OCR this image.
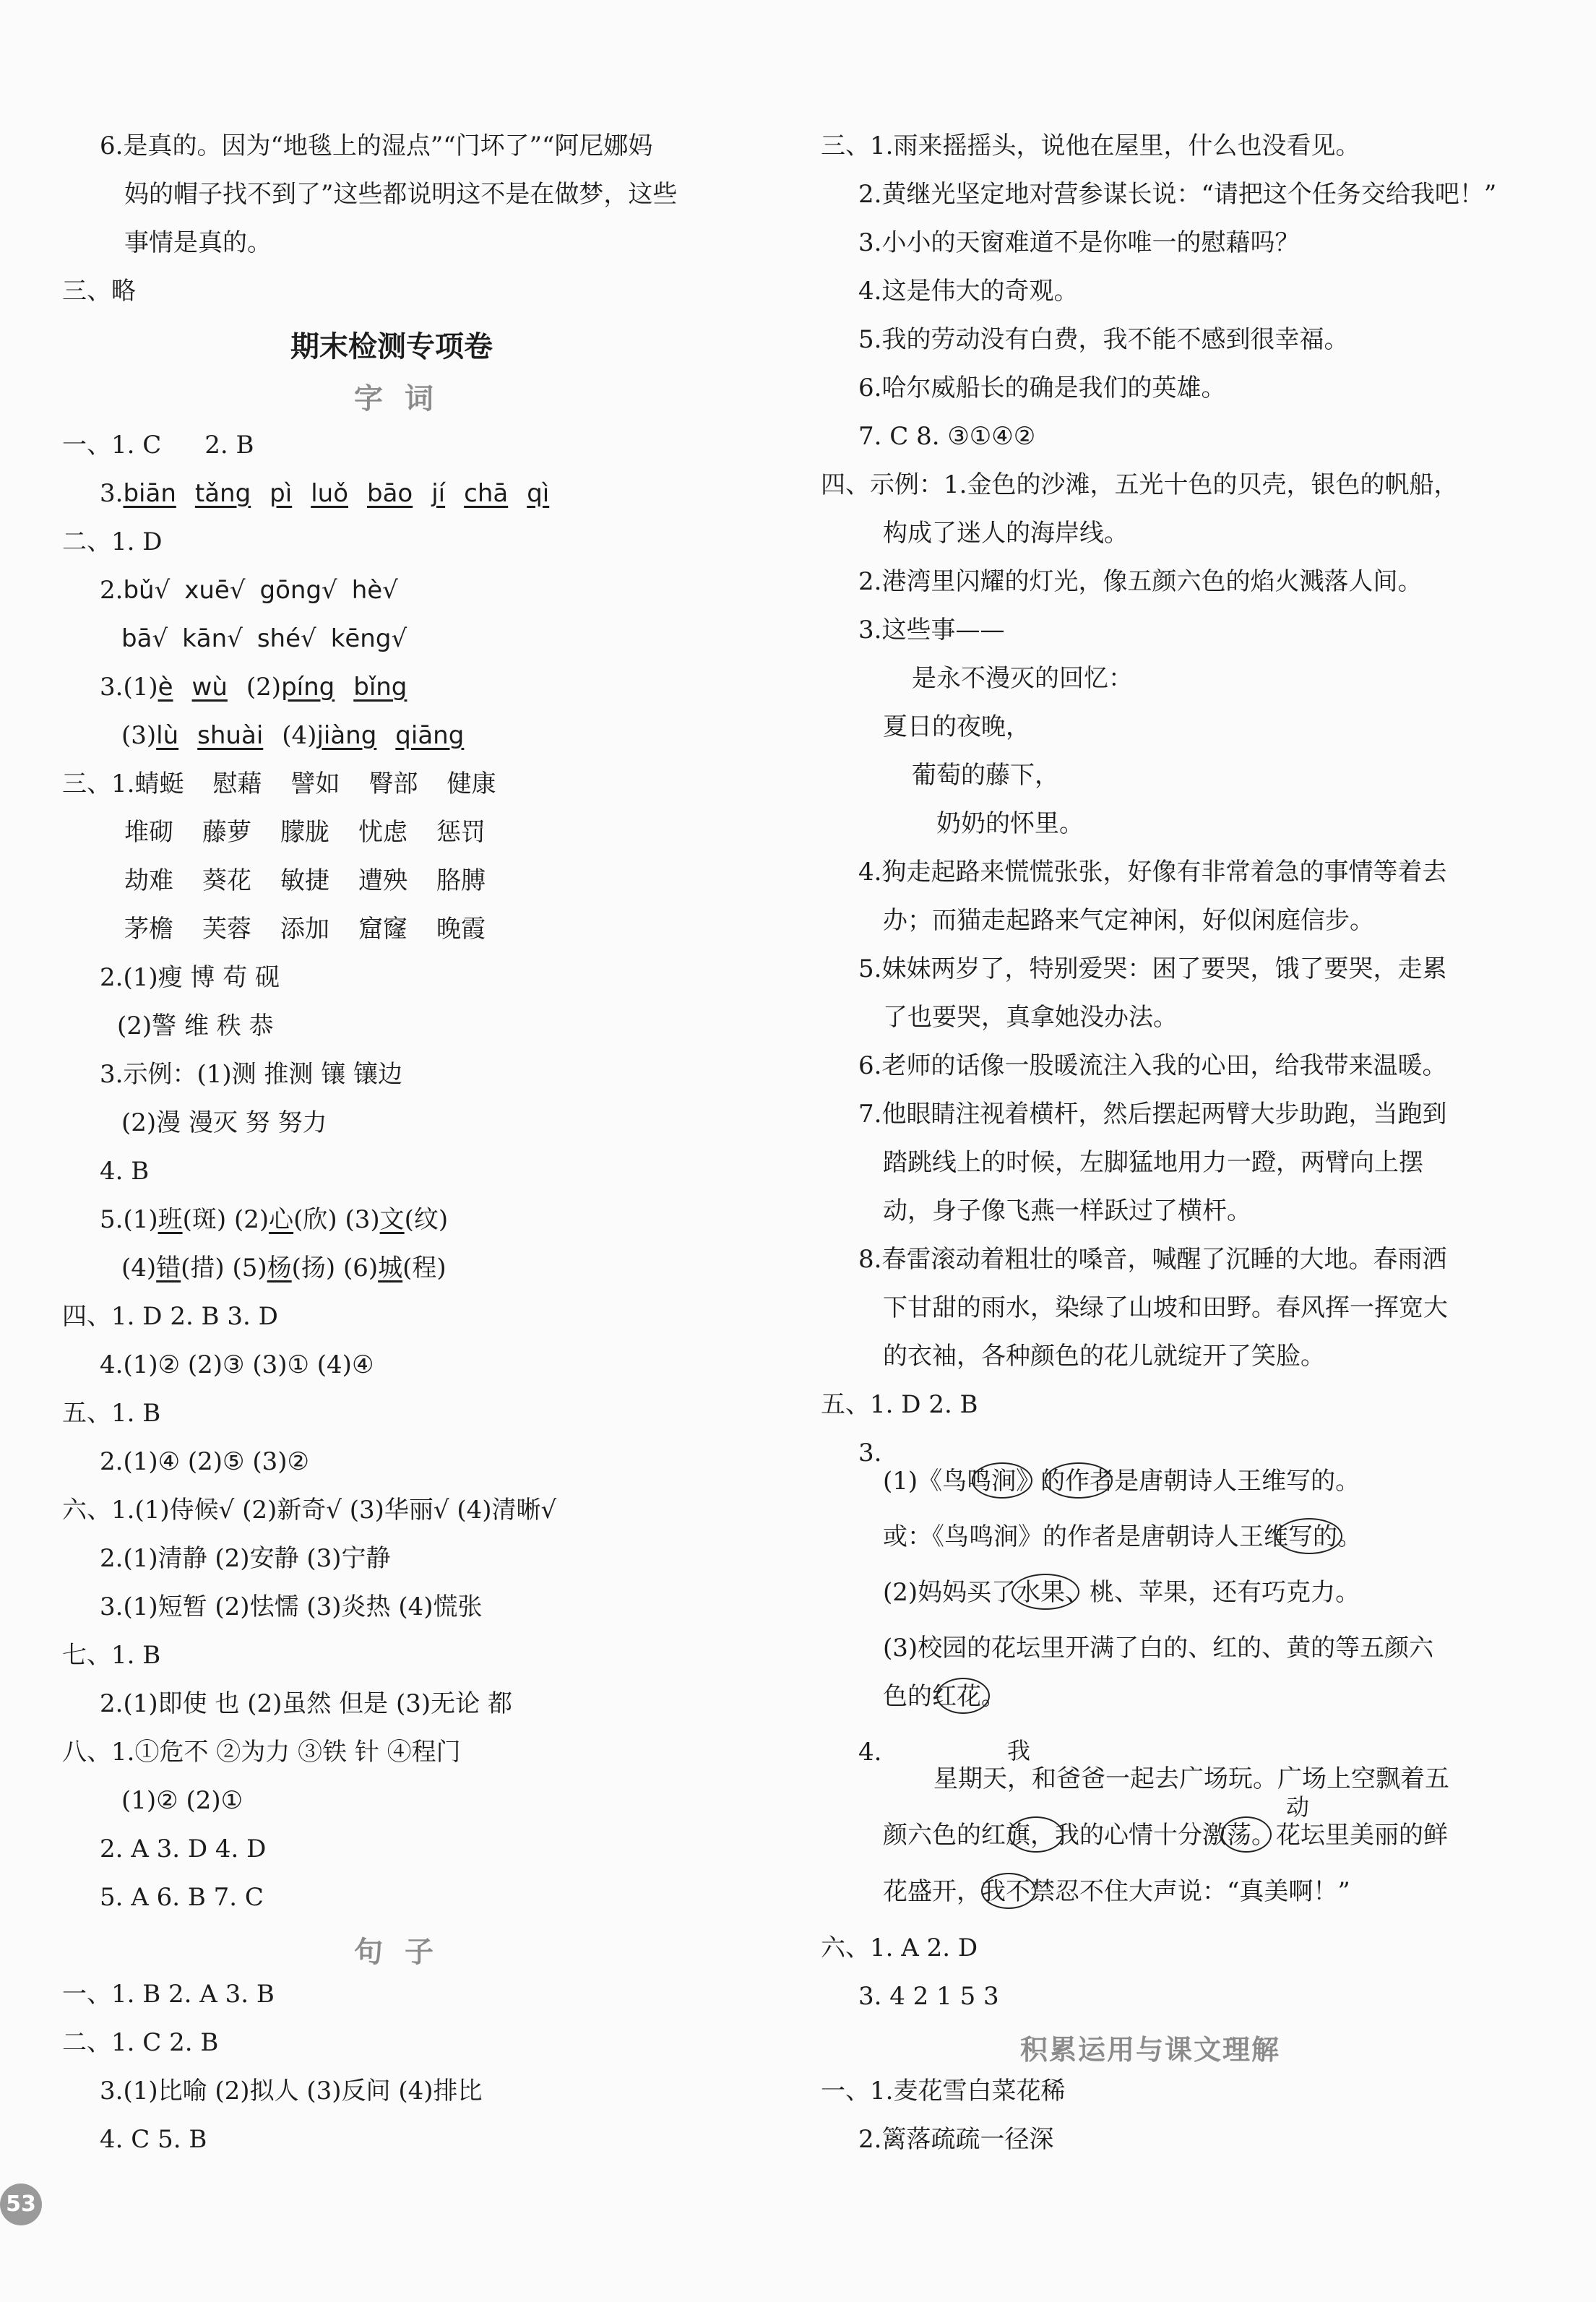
6.是真的。因为“地毯上的湿点”“门坏了”“阿尼娜妈
妈的帽子找不到了”这些都说明这不是在做梦，这些
事情是真的。
三、略
期末检测专项卷
字词
一、1. C 2. B
3.biān tǎng pì luǒ bāo jí chā qì
二、1. D
2.bǔ√ xuē√ gōng√ hè√
bā√ kān√ shé√ kēng√
3.(1)è wù (2)píng bǐng
(3)lù shuài (4)jiàng qiāng
三、1.蜻蜓 慰藉 譬如 臀部 健康
堆砌 藤萝 朦胧 忧虑 惩罚
劫难 葵花 敏捷 遭殃 胳膊
茅檐 芙蓉 添加 窟窿 晚霞
2.(1)瘦 博 苟 砚
(2)警 维 秩 恭
3.示例：(1)测 推测 镶 镶边
(2)漫 漫灭 努 努力
4. B
5.(1)班(斑) (2)心(欣) (3)文(纹)
(4)错(措) (5)杨(扬) (6)城(程)
四、1. D 2. B 3. D
4.(1)② (2)③ (3)① (4)④
五、1. B
2.(1)④ (2)⑤ (3)②
六、1.(1)侍候√ (2)新奇√ (3)华丽√ (4)清晰√
2.(1)清静 (2)安静 (3)宁静
3.(1)短暂 (2)怯懦 (3)炎热 (4)慌张
七、1. B
2.(1)即使 也 (2)虽然 但是 (3)无论 都
八、1.①危不 ②为力 ③铁 针 ④程门
(1)② (2)①
2. A 3. D 4. D
5. A 6. B 7. C
句子
一、1. B 2. A 3. B
二、1. C 2. B
3.(1)比喻 (2)拟人 (3)反问 (4)排比
4. C 5. B
53
三、1.雨来摇摇头，说他在屋里，什么也没看见。
2.黄继光坚定地对营参谋长说：“请把这个任务交给我吧！”
3.小小的天窗难道不是你唯一的慰藉吗？
4.这是伟大的奇观。
5.我的劳动没有白费，我不能不感到很幸福。
6.哈尔威船长的确是我们的英雄。
7. C 8. ③①④②
四、示例：1.金色的沙滩，五光十色的贝壳，银色的帆船，
构成了迷人的海岸线。
2.港湾里闪耀的灯光，像五颜六色的焰火溅落人间。
3.这些事——
是永不漫灭的回忆：
夏日的夜晚，
葡萄的藤下，
奶奶的怀里。
4.狗走起路来慌慌张张，好像有非常着急的事情等着去
办；而猫走起路来气定神闲，好似闲庭信步。
5.妹妹两岁了，特别爱哭：困了要哭，饿了要哭，走累
了也要哭，真拿她没办法。
6.老师的话像一股暖流注入我的心田，给我带来温暖。
7.他眼睛注视着横杆，然后摆起两臂大步助跑，当跑到
踏跳线上的时候，左脚猛地用力一蹬，两臂向上摆
动，身子像飞燕一样跃过了横杆。
8.春雷滚动着粗壮的嗓音，喊醒了沉睡的大地。春雨洒
下甘甜的雨水，染绿了山坡和田野。春风挥一挥宽大
的衣袖，各种颜色的花儿就绽开了笑脸。
五、1. D 2. B
3.
(1)《鸟鸣涧》的作者是唐朝诗人王维写的。
或：《鸟鸣涧》的作者是唐朝诗人王维写的。
(2)妈妈买了水果、桃、苹果，还有巧克力。
(3)校园的花坛里开满了白的、红的、黄的等五颜六
色的红花。
4.
星期天，和爸爸一起去广场玩。广场上空飘着五
颜六色的红旗，我的心情十分激荡。花坛里美丽的鲜
花盛开，我不禁忍不住大声说：“真美啊！”
我
动
六、1. A 2. D
3. 4 2 1 5 3
积累运用与课文理解
一、1.麦花雪白菜花稀
2.篱落疏疏一径深
